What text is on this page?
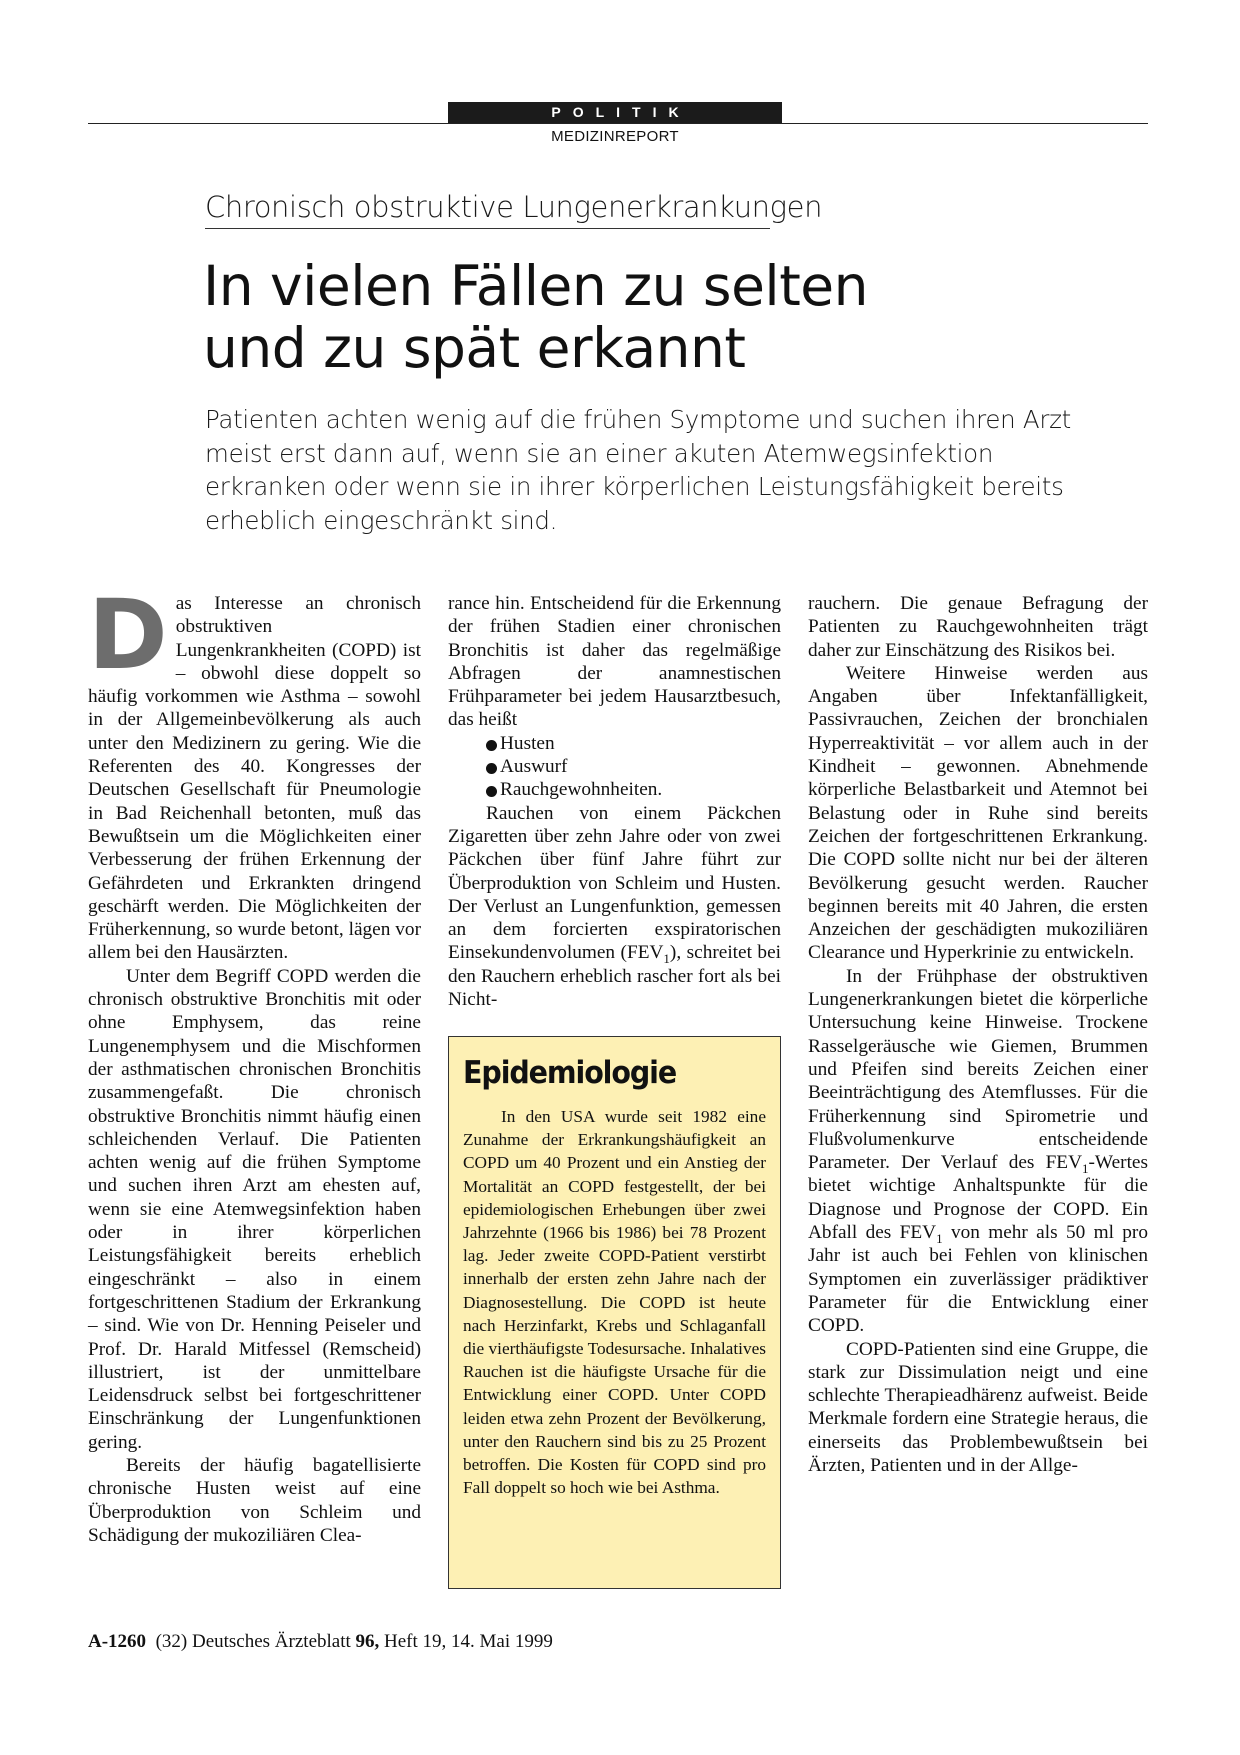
POLITIK
MEDIZINREPORT
Chronisch obstruktive Lungenerkrankungen
In vielen Fällen zu selten
und zu spät erkannt
Patienten achten wenig auf die frühen Symptome und suchen ihren Arzt
meist erst dann auf, wenn sie an einer akuten Atemwegsinfektion
erkranken oder wenn sie in ihrer körperlichen Leistungsfähigkeit bereits
erheblich eingeschränkt sind.

Das Interesse an chronisch obstruktiven Lungenkrankheiten (COPD) ist – obwohl diese doppelt so häufig vorkommen wie Asthma – sowohl in der Allgemeinbevölkerung als auch unter den Medizinern zu gering. Wie die Referenten des 40. Kongresses der Deutschen Gesellschaft für Pneumologie in Bad Reichenhall betonten, muß das Bewußtsein um die Möglichkeiten einer Verbesserung der frühen Erkennung der Gefährdeten und Erkrankten dringend geschärft werden. Die Möglichkeiten der Früherkennung, so wurde betont, lägen vor allem bei den Hausärzten.

Unter dem Begriff COPD werden die chronisch obstruktive Bronchitis mit oder ohne Emphysem, das reine Lungenemphysem und die Mischformen der asthmatischen chronischen Bronchitis zusammengefaßt. Die chronisch obstruktive Bronchitis nimmt häufig einen schleichenden Verlauf. Die Patienten achten wenig auf die frühen Symptome und suchen ihren Arzt am ehesten auf, wenn sie eine Atemwegsinfektion haben oder in ihrer körperlichen Leistungsfähigkeit bereits erheblich eingeschränkt – also in einem fortgeschrittenen Stadium der Erkrankung – sind. Wie von Dr. Henning Peiseler und Prof. Dr. Harald Mitfessel (Remscheid) illustriert, ist der unmittelbare Leidensdruck selbst bei fortgeschrittener Einschränkung der Lungenfunktionen gering.

Bereits der häufig bagatellisierte chronische Husten weist auf eine Überproduktion von Schleim und Schädigung der mukoziliären Clea-

rance hin. Entscheidend für die Erkennung der frühen Stadien einer chronischen Bronchitis ist daher das regelmäßige Abfragen der anamnestischen Frühparameter bei jedem Hausarztbesuch, das heißt

Husten
Auswurf
Rauchgewohnheiten.

Rauchen von einem Päckchen Zigaretten über zehn Jahre oder von zwei Päckchen über fünf Jahre führt zur Überproduktion von Schleim und Husten. Der Verlust an Lungenfunktion, gemessen an dem forcierten exspiratorischen Einsekundenvolumen $(FEV_1)$, schreitet bei den Rauchern erheblich rascher fort als bei Nicht-

Epidemiologie

In den USA wurde seit 1982 eine Zunahme der Erkrankungshäufigkeit an COPD um 40 Prozent und ein Anstieg der Mortalität an COPD festgestellt, der bei epidemiologischen Erhebungen über zwei Jahrzehnte (1966 bis 1986) bei 78 Prozent lag. Jeder zweite COPD-Patient verstirbt innerhalb der ersten zehn Jahre nach der Diagnosestellung. Die COPD ist heute nach Herzinfarkt, Krebs und Schlaganfall die vierthäufigste Todesursache. Inhalatives Rauchen ist die häufigste Ursache für die Entwicklung einer COPD. Unter COPD leiden etwa zehn Prozent der Bevölkerung, unter den Rauchern sind bis zu 25 Prozent betroffen. Die Kosten für COPD sind pro Fall doppelt so hoch wie bei Asthma.

rauchern. Die genaue Befragung der Patienten zu Rauchgewohnheiten trägt daher zur Einschätzung des Risikos bei.

Weitere Hinweise werden aus Angaben über Infektanfälligkeit, Passivrauchen, Zeichen der bronchialen Hyperreaktivität – vor allem auch in der Kindheit – gewonnen. Abnehmende körperliche Belastbarkeit und Atemnot bei Belastung oder in Ruhe sind bereits Zeichen der fortgeschrittenen Erkrankung. Die COPD sollte nicht nur bei der älteren Bevölkerung gesucht werden. Raucher beginnen bereits mit 40 Jahren, die ersten Anzeichen der geschädigten mukoziliären Clearance und Hyperkrinie zu entwickeln.

In der Frühphase der obstruktiven Lungenerkrankungen bietet die körperliche Untersuchung keine Hinweise. Trockene Rasselgeräusche wie Giemen, Brummen und Pfeifen sind bereits Zeichen einer Beeinträchtigung des Atemflusses. Für die Früherkennung sind Spirometrie und Flußvolumenkurve entscheidende Parameter. Der Verlauf des $FEV_1$-Wertes bietet wichtige Anhaltspunkte für die Diagnose und Prognose der COPD. Ein Abfall des $FEV_1$ von mehr als 50 ml pro Jahr ist auch bei Fehlen von klinischen Symptomen ein zuverlässiger prädiktiver Parameter für die Entwicklung einer COPD.

COPD-Patienten sind eine Gruppe, die stark zur Dissimulation neigt und eine schlechte Therapieadhärenz aufweist. Beide Merkmale fordern eine Strategie heraus, die einerseits das Problembewußtsein bei Ärzten, Patienten und in der Allge-

A-1260 (32) Deutsches Ärzteblatt 96, Heft 19, 14. Mai 1999
